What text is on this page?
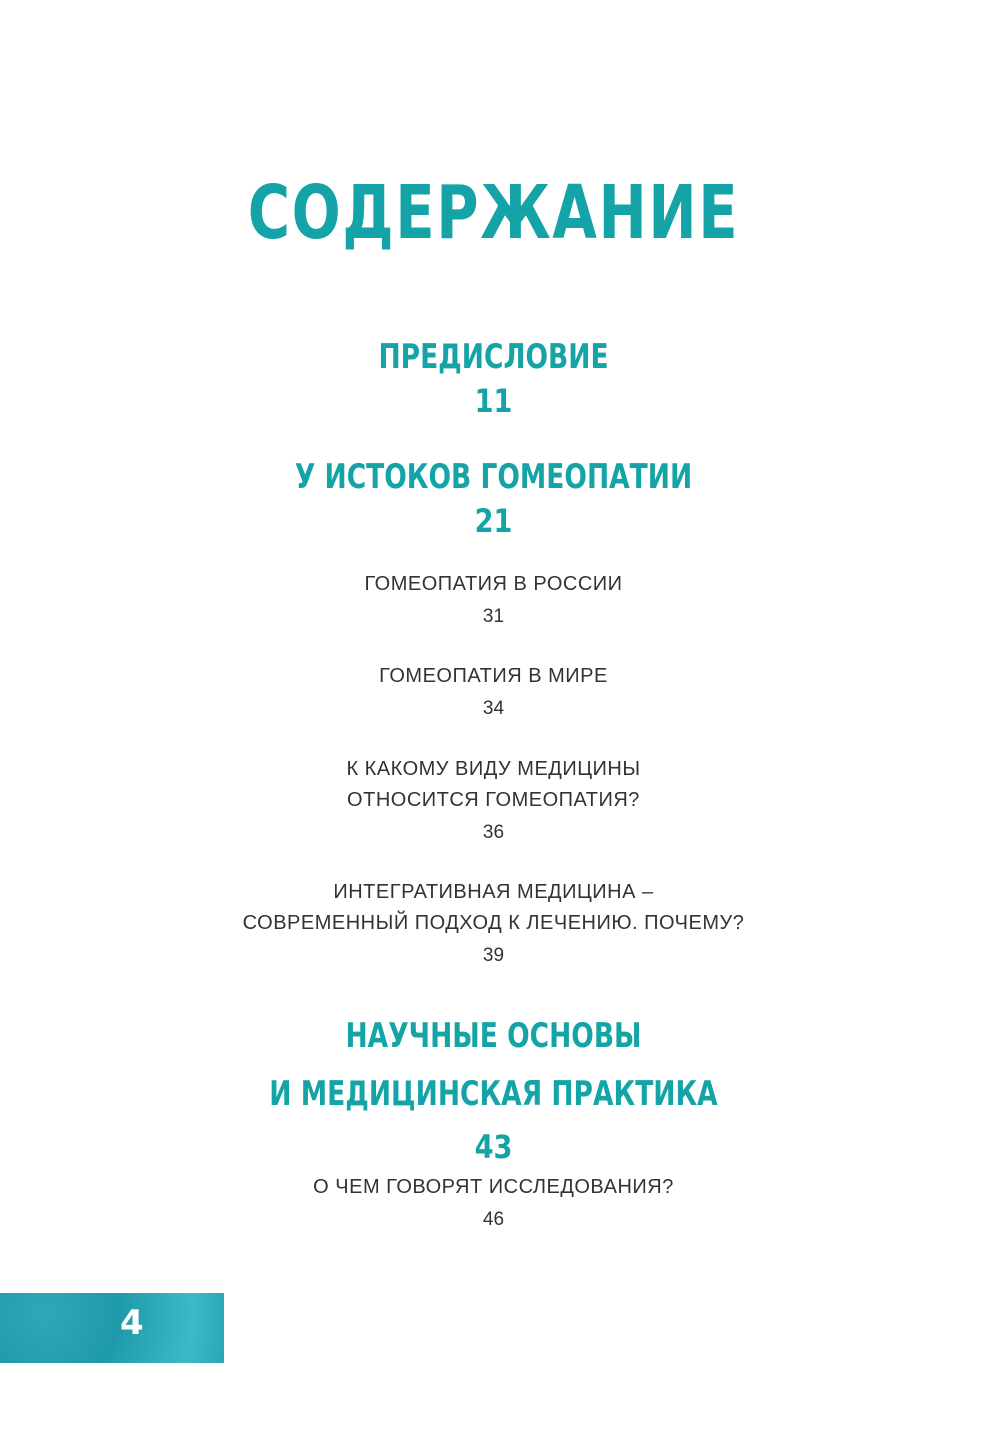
СОДЕРЖАНИЕ
ПРЕДИСЛОВИЕ
11
У ИСТОКОВ ГОМЕОПАТИИ
21
ГОМЕОПАТИЯ В РОССИИ
31
ГОМЕОПАТИЯ В МИРЕ
34
К КАКОМУ ВИДУ МЕДИЦИНЫ
ОТНОСИТСЯ ГОМЕОПАТИЯ?
36
ИНТЕГРАТИВНАЯ МЕДИЦИНА –
СОВРЕМЕННЫЙ ПОДХОД К ЛЕЧЕНИЮ. ПОЧЕМУ?
39
НАУЧНЫЕ ОСНОВЫ
И МЕДИЦИНСКАЯ ПРАКТИКА
43
О ЧЕМ ГОВОРЯТ ИССЛЕДОВАНИЯ?
46
4
